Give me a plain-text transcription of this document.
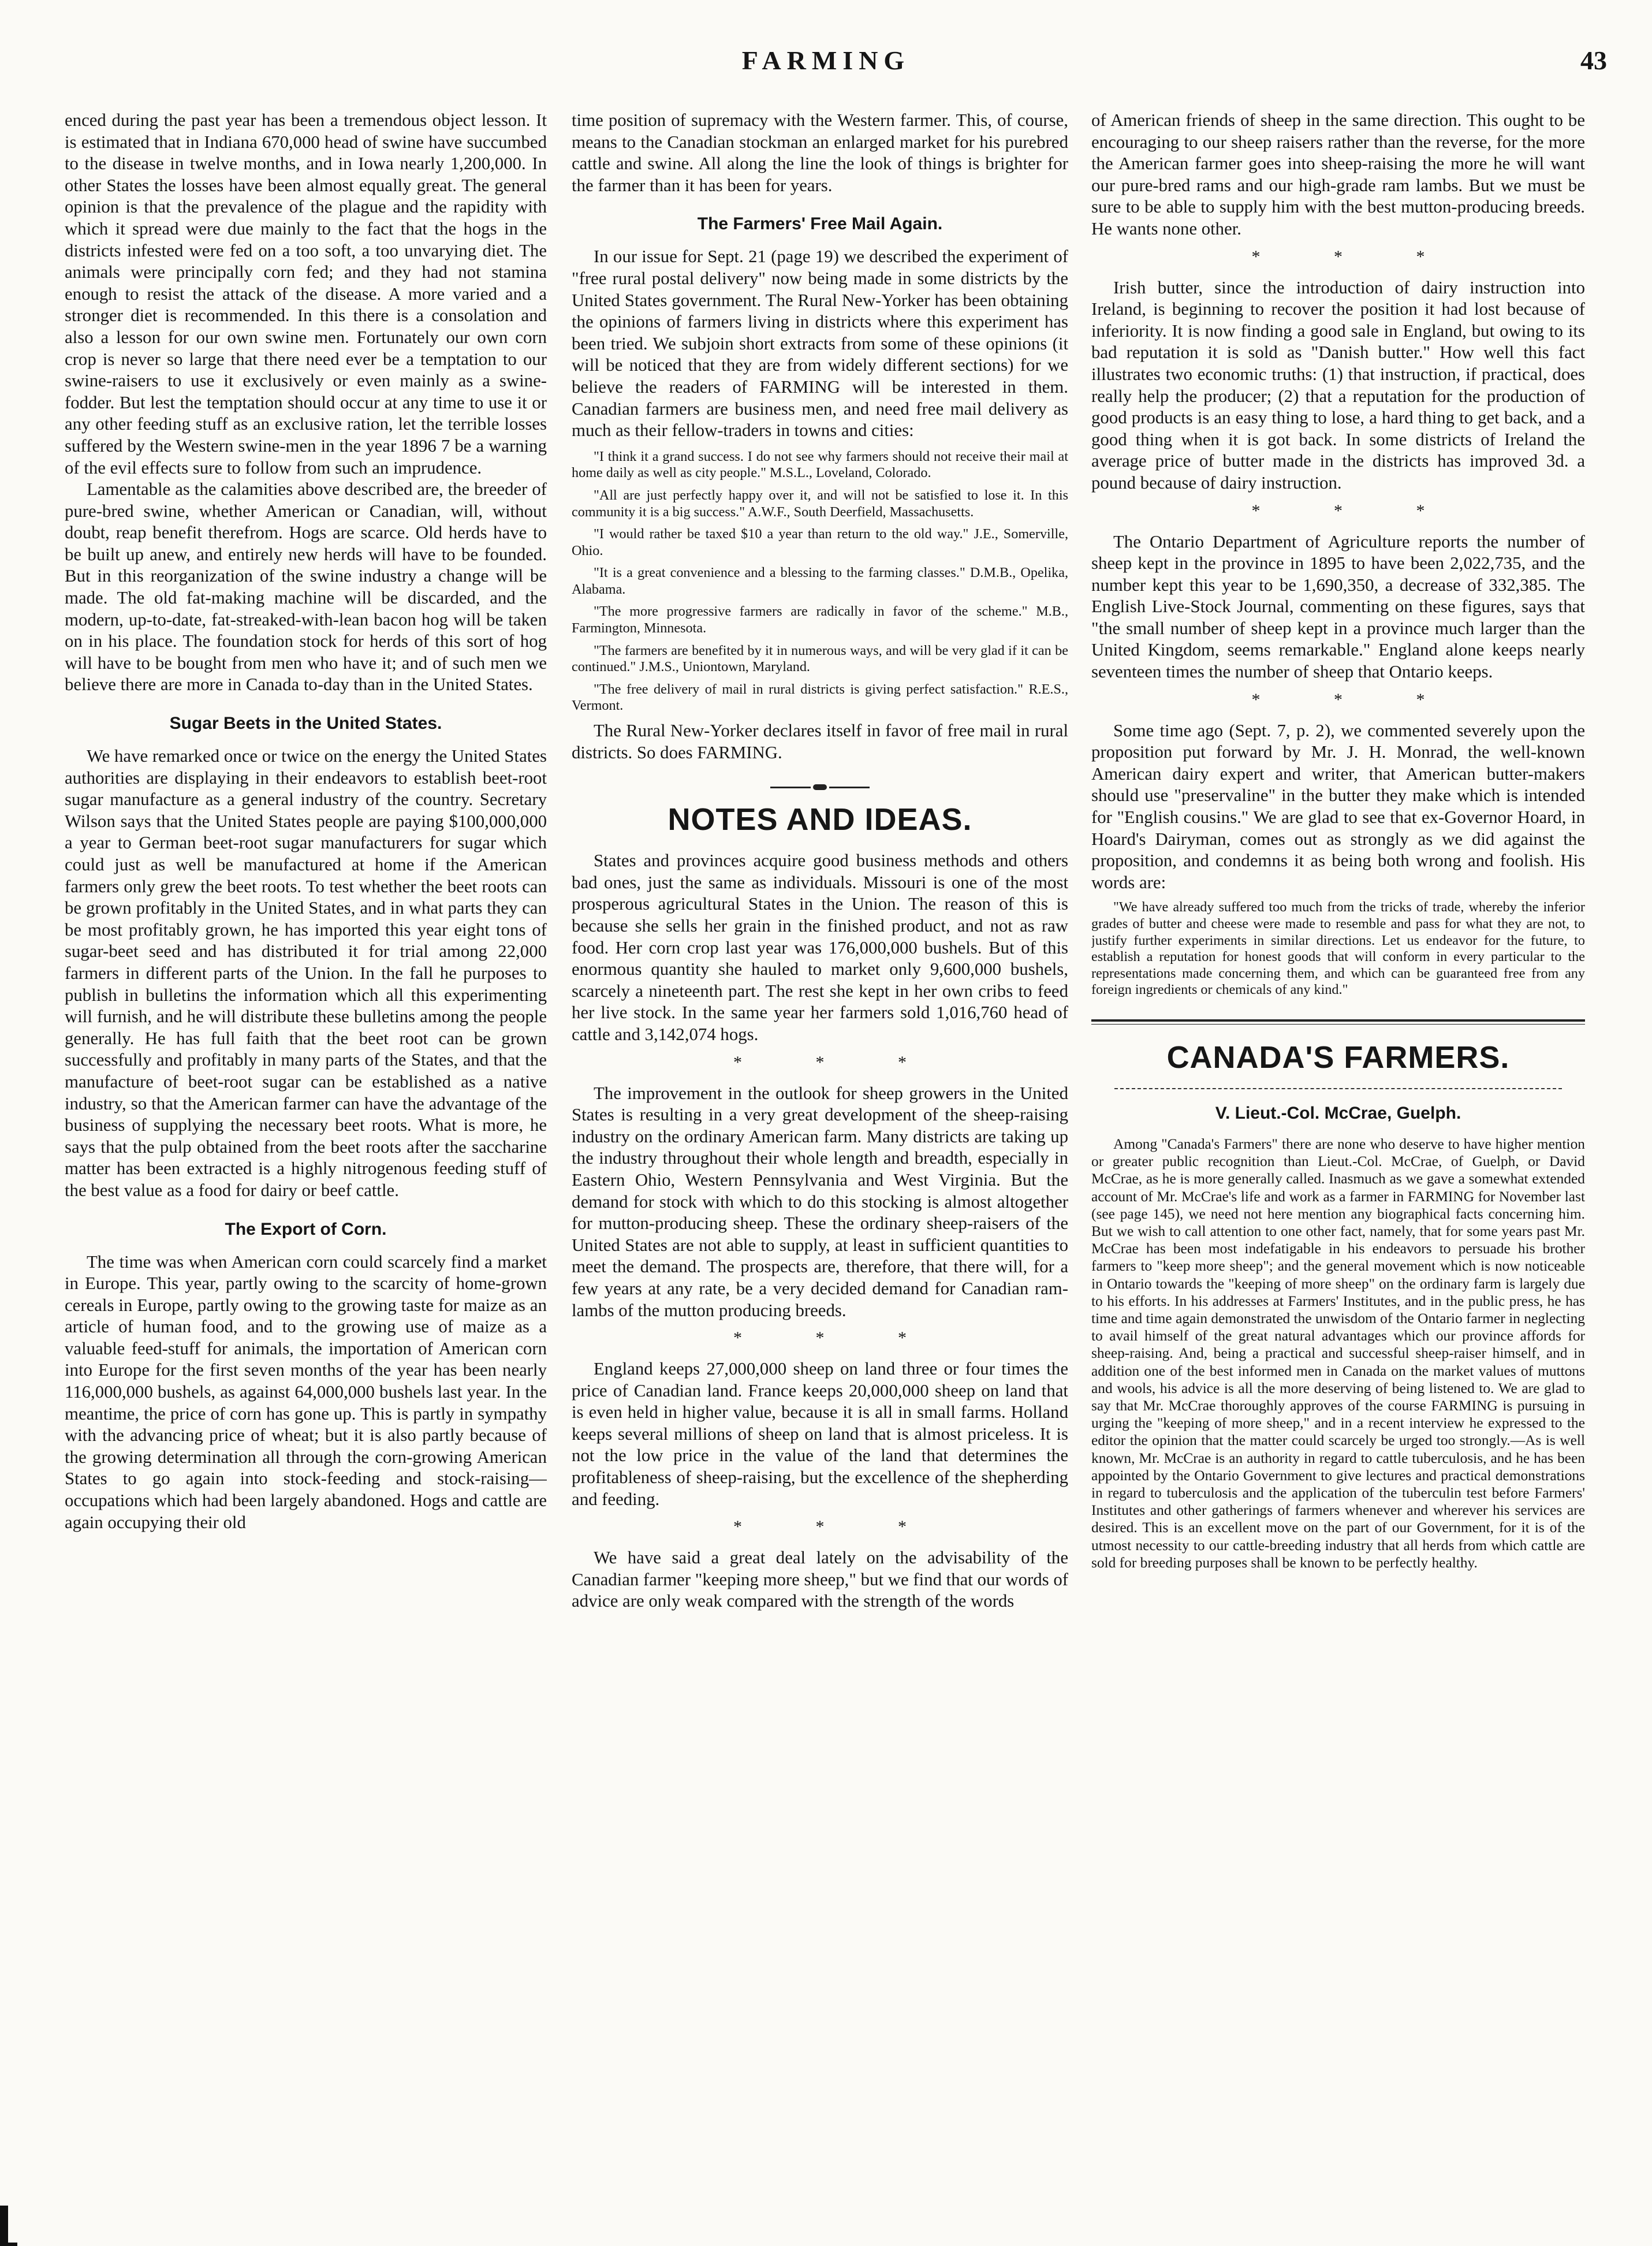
FARMING	43

enced during the past year has been a tremendous object lesson. It is estimated that in Indiana 670,000 head of swine have succumbed to the disease in twelve months, and in Iowa nearly 1,200,000. In other States the losses have been almost equally great. The general opinion is that the prevalence of the plague and the rapidity with which it spread were due mainly to the fact that the hogs in the districts infested were fed on a too soft, a too unvarying diet. The animals were principally corn fed; and they had not stamina enough to resist the attack of the disease. A more varied and a stronger diet is recommended. In this there is a consolation and also a lesson for our own swine men. Fortunately our own corn crop is never so large that there need ever be a temptation to our swine-raisers to use it exclusively or even mainly as a swine-fodder. But lest the temptation should occur at any time to use it or any other feeding stuff as an exclusive ration, let the terrible losses suffered by the Western swine-men in the year 1896 7 be a warning of the evil effects sure to follow from such an imprudence.

Lamentable as the calamities above described are, the breeder of pure-bred swine, whether American or Canadian, will, without doubt, reap benefit therefrom. Hogs are scarce. Old herds have to be built up anew, and entirely new herds will have to be founded. But in this reorganization of the swine industry a change will be made. The old fat-making machine will be discarded, and the modern, up-to-date, fat-streaked-with-lean bacon hog will be taken on in his place. The foundation stock for herds of this sort of hog will have to be bought from men who have it; and of such men we believe there are more in Canada to-day than in the United States.

Sugar Beets in the United States.

We have remarked once or twice on the energy the United States authorities are displaying in their endeavors to establish beet-root sugar manufacture as a general industry of the country. Secretary Wilson says that the United States people are paying $100,000,000 a year to German beet-root sugar manufacturers for sugar which could just as well be manufactured at home if the American farmers only grew the beet roots. To test whether the beet roots can be grown profitably in the United States, and in what parts they can be most profitably grown, he has imported this year eight tons of sugar-beet seed and has distributed it for trial among 22,000 farmers in different parts of the Union. In the fall he purposes to publish in bulletins the information which all this experimenting will furnish, and he will distribute these bulletins among the people generally. He has full faith that the beet root can be grown successfully and profitably in many parts of the States, and that the manufacture of beet-root sugar can be established as a native industry, so that the American farmer can have the advantage of the business of supplying the necessary beet roots. What is more, he says that the pulp obtained from the beet roots after the saccharine matter has been extracted is a highly nitrogenous feeding stuff of the best value as a food for dairy or beef cattle.

The Export of Corn.

The time was when American corn could scarcely find a market in Europe. This year, partly owing to the scarcity of home-grown cereals in Europe, partly owing to the growing taste for maize as an article of human food, and to the growing use of maize as a valuable feed-stuff for animals, the importation of American corn into Europe for the first seven months of the year has been nearly 116,000,000 bushels, as against 64,000,000 bushels last year. In the meantime, the price of corn has gone up. This is partly in sympathy with the advancing price of wheat; but it is also partly because of the growing determination all through the corn-growing American States to go again into stock-feeding and stock-raising—occupations which had been largely abandoned. Hogs and cattle are again occupying their old

time position of supremacy with the Western farmer. This, of course, means to the Canadian stockman an enlarged market for his purebred cattle and swine. All along the line the look of things is brighter for the farmer than it has been for years.

The Farmers' Free Mail Again.

In our issue for Sept. 21 (page 19) we described the experiment of "free rural postal delivery" now being made in some districts by the United States government. The Rural New-Yorker has been obtaining the opinions of farmers living in districts where this experiment has been tried. We subjoin short extracts from some of these opinions (it will be noticed that they are from widely different sections) for we believe the readers of FARMING will be interested in them. Canadian farmers are business men, and need free mail delivery as much as their fellow-traders in towns and cities:

"I think it a grand success. I do not see why farmers should not receive their mail at home daily as well as city people." M.S.L., Loveland, Colorado.
"All are just perfectly happy over it, and will not be satisfied to lose it. In this community it is a big success." A.W.F., South Deerfield, Massachusetts.
"I would rather be taxed $10 a year than return to the old way." J.E., Somerville, Ohio.
"It is a great convenience and a blessing to the farming classes." D.M.B., Opelika, Alabama.
"The more progressive farmers are radically in favor of the scheme." M.B., Farmington, Minnesota.
"The farmers are benefited by it in numerous ways, and will be very glad if it can be continued." J.M.S., Uniontown, Maryland.
"The free delivery of mail in rural districts is giving perfect satisfaction." R.E.S., Vermont.

The Rural New-Yorker declares itself in favor of free mail in rural districts. So does FARMING.

NOTES AND IDEAS.

States and provinces acquire good business methods and others bad ones, just the same as individuals. Missouri is one of the most prosperous agricultural States in the Union. The reason of this is because she sells her grain in the finished product, and not as raw food. Her corn crop last year was 176,000,000 bushels. But of this enormous quantity she hauled to market only 9,600,000 bushels, scarcely a nineteenth part. The rest she kept in her own cribs to feed her live stock. In the same year her farmers sold 1,016,760 head of cattle and 3,142,074 hogs.

* * *

The improvement in the outlook for sheep growers in the United States is resulting in a very great development of the sheep-raising industry on the ordinary American farm. Many districts are taking up the industry throughout their whole length and breadth, especially in Eastern Ohio, Western Pennsylvania and West Virginia. But the demand for stock with which to do this stocking is almost altogether for mutton-producing sheep. These the ordinary sheep-raisers of the United States are not able to supply, at least in sufficient quantities to meet the demand. The prospects are, therefore, that there will, for a few years at any rate, be a very decided demand for Canadian ram-lambs of the mutton producing breeds.

* * *

England keeps 27,000,000 sheep on land three or four times the price of Canadian land. France keeps 20,000,000 sheep on land that is even held in higher value, because it is all in small farms. Holland keeps several millions of sheep on land that is almost priceless. It is not the low price in the value of the land that determines the profitableness of sheep-raising, but the excellence of the shepherding and feeding.

* * *

We have said a great deal lately on the advisability of the Canadian farmer "keeping more sheep," but we find that our words of advice are only weak compared with the strength of the words

of American friends of sheep in the same direction. This ought to be encouraging to our sheep raisers rather than the reverse, for the more the American farmer goes into sheep-raising the more he will want our pure-bred rams and our high-grade ram lambs. But we must be sure to be able to supply him with the best mutton-producing breeds. He wants none other.

* * *

Irish butter, since the introduction of dairy instruction into Ireland, is beginning to recover the position it had lost because of inferiority. It is now finding a good sale in England, but owing to its bad reputation it is sold as "Danish butter." How well this fact illustrates two economic truths: (1) that instruction, if practical, does really help the producer; (2) that a reputation for the production of good products is an easy thing to lose, a hard thing to get back, and a good thing when it is got back. In some districts of Ireland the average price of butter made in the districts has improved 3d. a pound because of dairy instruction.

* * *

The Ontario Department of Agriculture reports the number of sheep kept in the province in 1895 to have been 2,022,735, and the number kept this year to be 1,690,350, a decrease of 332,385. The English Live-Stock Journal, commenting on these figures, says that "the small number of sheep kept in a province much larger than the United Kingdom, seems remarkable." England alone keeps nearly seventeen times the number of sheep that Ontario keeps.

* * *

Some time ago (Sept. 7, p. 2), we commented severely upon the proposition put forward by Mr. J. H. Monrad, the well-known American dairy expert and writer, that American butter-makers should use "preservaline" in the butter they make which is intended for "English cousins." We are glad to see that ex-Governor Hoard, in Hoard's Dairyman, comes out as strongly as we did against the proposition, and condemns it as being both wrong and foolish. His words are:

"We have already suffered too much from the tricks of trade, whereby the inferior grades of butter and cheese were made to resemble and pass for what they are not, to justify further experiments in similar directions. Let us endeavor for the future, to establish a reputation for honest goods that will conform in every particular to the representations made concerning them, and which can be guaranteed free from any foreign ingredients or chemicals of any kind."
CANADA'S FARMERS.
V. Lieut.-Col. McCrae, Guelph.

Among "Canada's Farmers" there are none who deserve to have higher mention or greater public recognition than Lieut.-Col. McCrae, of Guelph, or David McCrae, as he is more generally called. Inasmuch as we gave a somewhat extended account of Mr. McCrae's life and work as a farmer in FARMING for November last (see page 145), we need not here mention any biographical facts concerning him. But we wish to call attention to one other fact, namely, that for some years past Mr. McCrae has been most indefatigable in his endeavors to persuade his brother farmers to "keep more sheep"; and the general movement which is now noticeable in Ontario towards the "keeping of more sheep" on the ordinary farm is largely due to his efforts. In his addresses at Farmers' Institutes, and in the public press, he has time and time again demonstrated the unwisdom of the Ontario farmer in neglecting to avail himself of the great natural advantages which our province affords for sheep-raising. And, being a practical and successful sheep-raiser himself, and in addition one of the best informed men in Canada on the market values of muttons and wools, his advice is all the more deserving of being listened to. We are glad to say that Mr. McCrae thoroughly approves of the course FARMING is pursuing in urging the "keeping of more sheep," and in a recent interview he expressed to the editor the opinion that the matter could scarcely be urged too strongly.—As is well known, Mr. McCrae is an authority in regard to cattle tuberculosis, and he has been appointed by the Ontario Government to give lectures and practical demonstrations in regard to tuberculosis and the application of the tuberculin test before Farmers' Institutes and other gatherings of farmers whenever and wherever his services are desired. This is an excellent move on the part of our Government, for it is of the utmost necessity to our cattle-breeding industry that all herds from which cattle are sold for breeding purposes shall be known to be perfectly healthy.
